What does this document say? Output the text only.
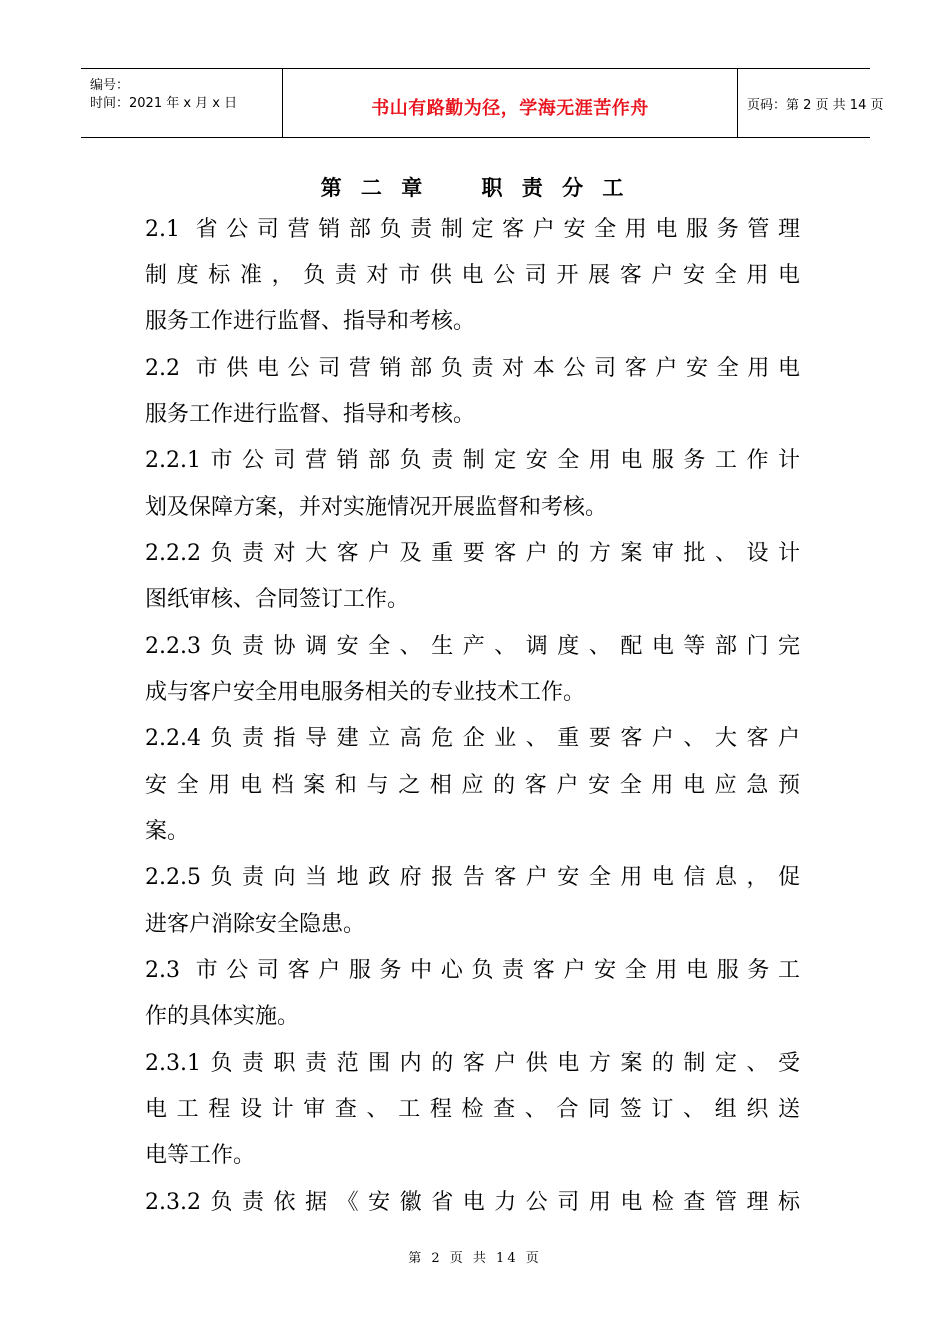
编号：
时间：2021 年 x 月 x 日	书山有路勤为径，学海无涯苦作舟	页码：第 2 页 共 14 页
第 二 章    职 责 分 工
2.1 省公司营销部负责制定客户安全用电服务管理
制度标准，负责对市供电公司开展客户安全用电
服务工作进行监督、指导和考核。
2.2 市供电公司营销部负责对本公司客户安全用电
服务工作进行监督、指导和考核。
2.2.1市公司营销部负责制定安全用电服务工作计
划及保障方案，并对实施情况开展监督和考核。
2.2.2负责对大客户及重要客户的方案审批、设计
图纸审核、合同签订工作。
2.2.3负责协调安全、生产、调度、配电等部门完
成与客户安全用电服务相关的专业技术工作。
2.2.4负责指导建立高危企业、重要客户、大客户
安全用电档案和与之相应的客户安全用电应急预
案。
2.2.5负责向当地政府报告客户安全用电信息，促
进客户消除安全隐患。
2.3 市公司客户服务中心负责客户安全用电服务工
作的具体实施。
2.3.1负责职责范围内的客户供电方案的制定、受
电工程设计审查、工程检查、合同签订、组织送
电等工作。
2.3.2负责依据《安徽省电力公司用电检查管理标
第 2 页 共 14 页
